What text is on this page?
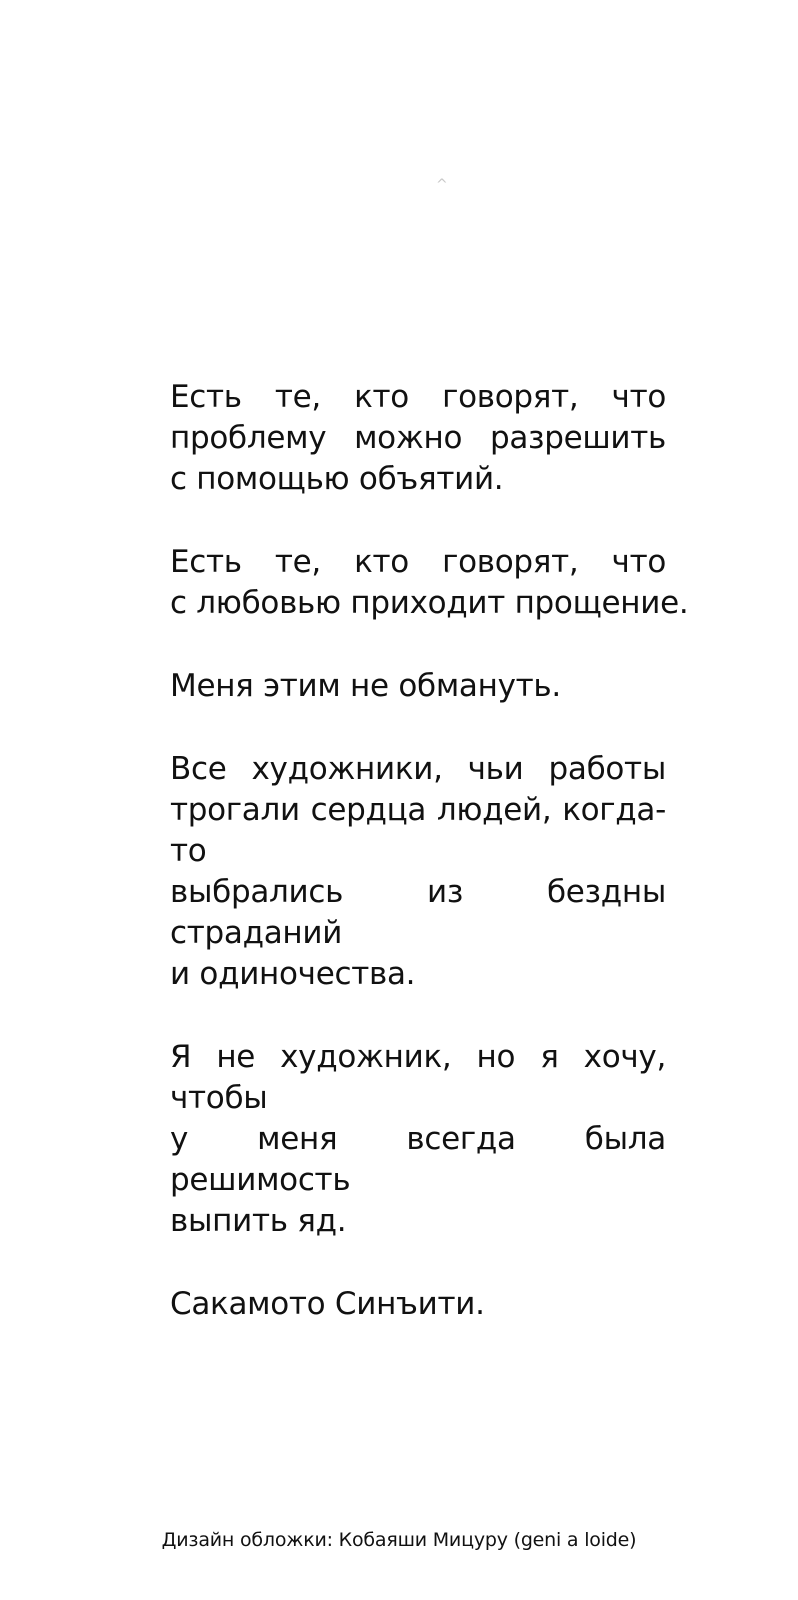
^

Есть те, кто говорят, что
проблему можно разрешить
с помощью объятий.

Есть те, кто говорят, что
с любовью приходит прощение.

Меня этим не обмануть.

Все художники, чьи работы
трогали сердца людей, когда-то
выбрались из бездны страданий
и одиночества.

Я не художник, но я хочу, чтобы
у меня всегда была решимость
выпить яд.

Сакамото Синъити.

Дизайн обложки: Кобаяши Мицуру (geni a loide)
